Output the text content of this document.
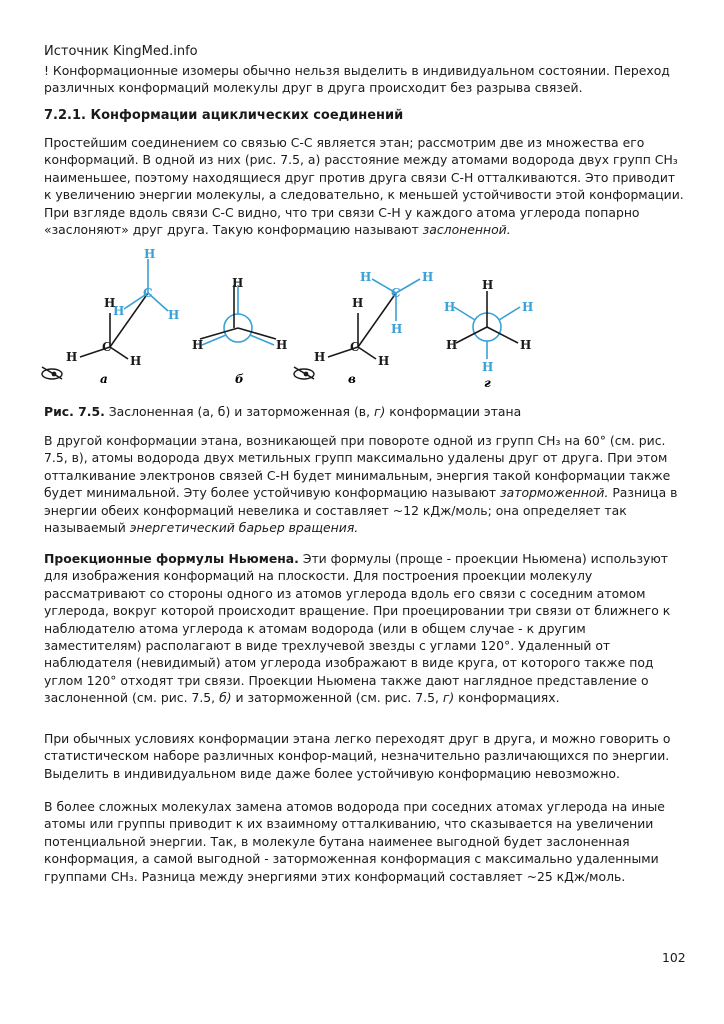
Источник KingMed.info

! Конформационные изомеры обычно нельзя выделить в индивидуальном состоянии. Переход различных конформаций молекулы друг в друга происходит без разрыва связей.

7.2.1. Конформации ациклических соединений

Простейшим соединением со связью С-С является этан; рассмотрим две из множества его конформаций. В одной из них (рис. 7.5, а) расстояние между атомами водорода двух групп СН₃ наименьшее, поэтому находящиеся друг против друга связи С-Н отталкиваются. Это приводит к увеличению энергии молекулы, а следовательно, к меньшей устойчивости этой конформации. При взгляде вдоль связи С-С видно, что три связи С-Н у каждого атома углерода попарно «заслоняют» друг друга. Такую конформацию называют заслоненной.

H
C
H	H
H
C
H	H
а
H
H	H
б
H	H
C
H
H
C
H	H
в
H
H	H
H	H
H
г
Рис. 7.5. Заслоненная (а, б) и заторможенная (в, г) конформации этана

В другой конформации этана, возникающей при повороте одной из групп СН₃ на 60° (см. рис. 7.5, в), атомы водорода двух метильных групп максимально удалены друг от друга. При этом отталкивание электронов связей С-Н будет минимальным, энергия такой конформации также будет минимальной. Эту более устойчивую конформацию называют заторможенной. Разница в энергии обеих конформаций невелика и составляет ~12 кДж/моль; она определяет так называемый энергетический барьер вращения.

Проекционные формулы Ньюмена. Эти формулы (проще - проекции Ньюмена) используют для изображения конформаций на плоскости. Для построения проекции молекулу рассматривают со стороны одного из атомов углерода вдоль его связи с соседним атомом углерода, вокруг которой происходит вращение. При проецировании три связи от ближнего к наблюдателю атома углерода к атомам водорода (или в общем случае - к другим заместителям) располагают в виде трехлучевой звезды с углами 120°. Удаленный от наблюдателя (невидимый) атом углерода изображают в виде круга, от которого также под углом 120° отходят три связи. Проекции Ньюмена также дают наглядное представление о заслоненной (см. рис. 7.5, б) и заторможенной (см. рис. 7.5, г) конформациях.

При обычных условиях конформации этана легко переходят друг в друга, и можно говорить о статистическом наборе различных конфор-маций, незначительно различающихся по энергии. Выделить в индивидуальном виде даже более устойчивую конформацию невозможно.

В более сложных молекулах замена атомов водорода при соседних атомах углерода на иные атомы или группы приводит к их взаимному отталкиванию, что сказывается на увеличении потенциальной энергии. Так, в молекуле бутана наименее выгодной будет заслоненная конформация, а самой выгодной - заторможенная конформация с максимально удаленными группами СН₃. Разница между энергиями этих конформаций составляет ~25 кДж/моль.

102
